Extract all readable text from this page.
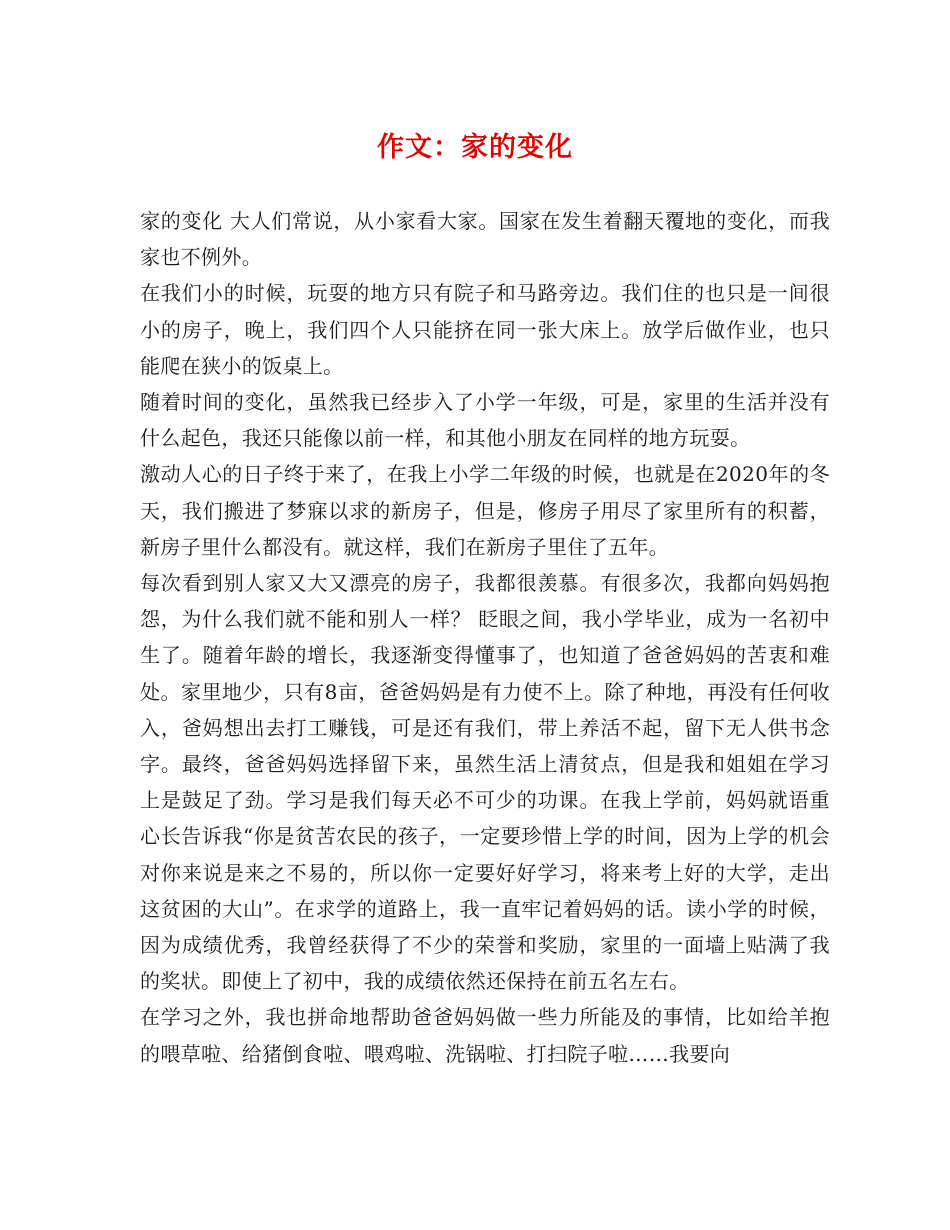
作文：家的变化

家的变化 大人们常说，从小家看大家。国家在发生着翻天覆地的变化，而我家也不例外。

在我们小的时候，玩耍的地方只有院子和马路旁边。我们住的也只是一间很小的房子，晚上，我们四个人只能挤在同一张大床上。放学后做作业，也只能爬在狭小的饭桌上。

随着时间的变化，虽然我已经步入了小学一年级，可是，家里的生活并没有什么起色，我还只能像以前一样，和其他小朋友在同样的地方玩耍。

激动人心的日子终于来了，在我上小学二年级的时候，也就是在2020年的冬天，我们搬进了梦寐以求的新房子，但是，修房子用尽了家里所有的积蓄，新房子里什么都没有。就这样，我们在新房子里住了五年。

每次看到别人家又大又漂亮的房子，我都很羡慕。有很多次，我都向妈妈抱怨，为什么我们就不能和别人一样？ 眨眼之间，我小学毕业，成为一名初中生了。随着年龄的增长，我逐渐变得懂事了，也知道了爸爸妈妈的苦衷和难处。家里地少，只有8亩，爸爸妈妈是有力使不上。除了种地，再没有任何收入，爸妈想出去打工赚钱，可是还有我们，带上养活不起，留下无人供书念字。最终，爸爸妈妈选择留下来，虽然生活上清贫点，但是我和姐姐在学习上是鼓足了劲。学习是我们每天必不可少的功课。在我上学前，妈妈就语重心长告诉我“你是贫苦农民的孩子，一定要珍惜上学的时间，因为上学的机会对你来说是来之不易的，所以你一定要好好学习，将来考上好的大学，走出这贫困的大山”。在求学的道路上，我一直牢记着妈妈的话。读小学的时候，因为成绩优秀，我曾经获得了不少的荣誉和奖励，家里的一面墙上贴满了我的奖状。即使上了初中，我的成绩依然还保持在前五名左右。

在学习之外，我也拼命地帮助爸爸妈妈做一些力所能及的事情，比如给羊抱的喂草啦、给猪倒食啦、喂鸡啦、洗锅啦、打扫院子啦……我要向
